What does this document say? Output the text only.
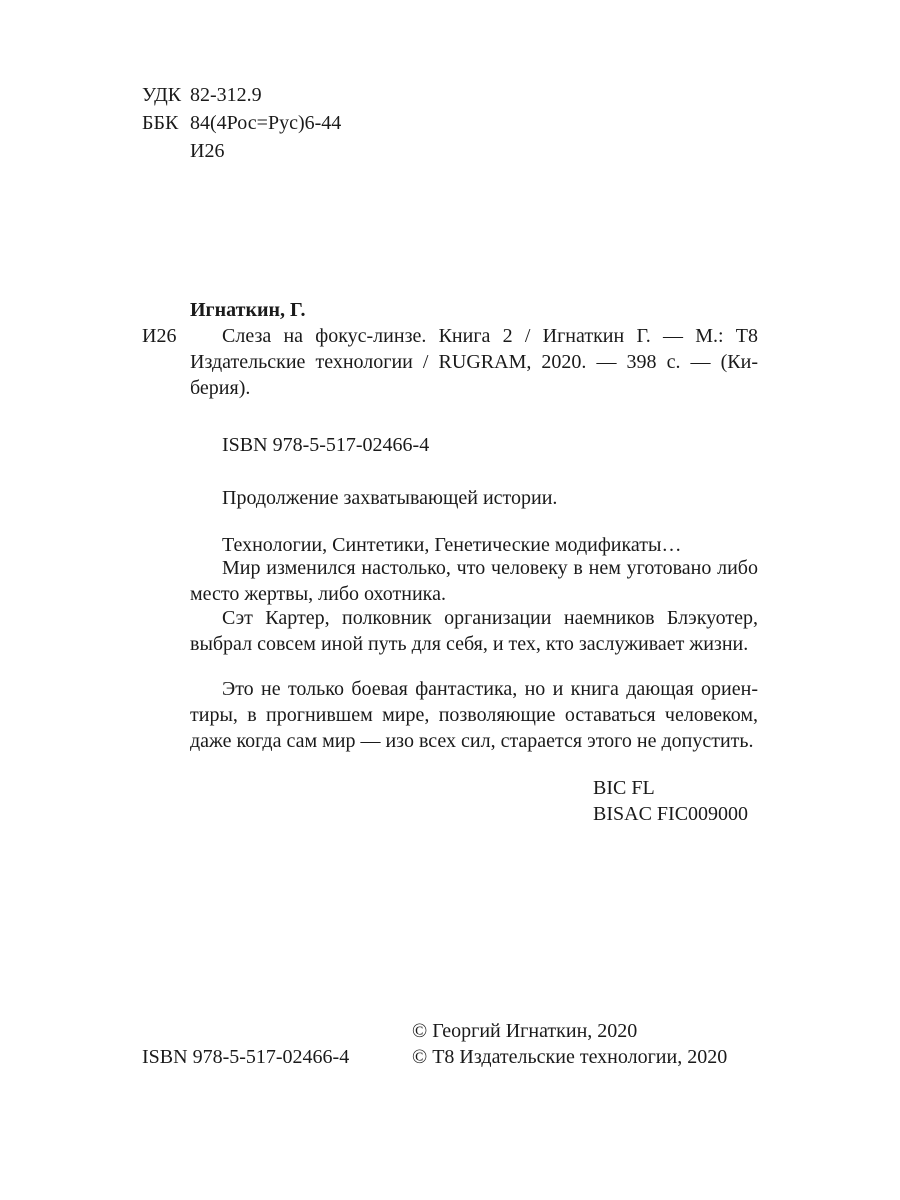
УДК 82-312.9
ББК 84(4Рос=Рус)6-44
И26
Игнаткин, Г.
И26	Слеза на фокус-линзе. Книга 2 / Игнаткин Г. — М.: Т8
Издательские технологии / RUGRAM, 2020. — 398 с. — (Ки-
берия).
ISBN 978-5-517-02466-4
Продолжение захватывающей истории.
Технологии, Синтетики, Генетические модификаты…
Мир изменился настолько, что человеку в нем уготовано либо
место жертвы, либо охотника.
Сэт Картер, полковник организации наемников Блэкуотер,
выбрал совсем иной путь для себя, и тех, кто заслуживает жизни.
Это не только боевая фантастика, но и книга дающая ориен-
тиры, в прогнившем мире, позволяющие оставаться человеком,
даже когда сам мир — изо всех сил, старается этого не допустить.
BIC FL
BISAC FIC009000
© Георгий Игнаткин, 2020
ISBN 978-5-517-02466-4	© Т8 Издательские технологии, 2020
